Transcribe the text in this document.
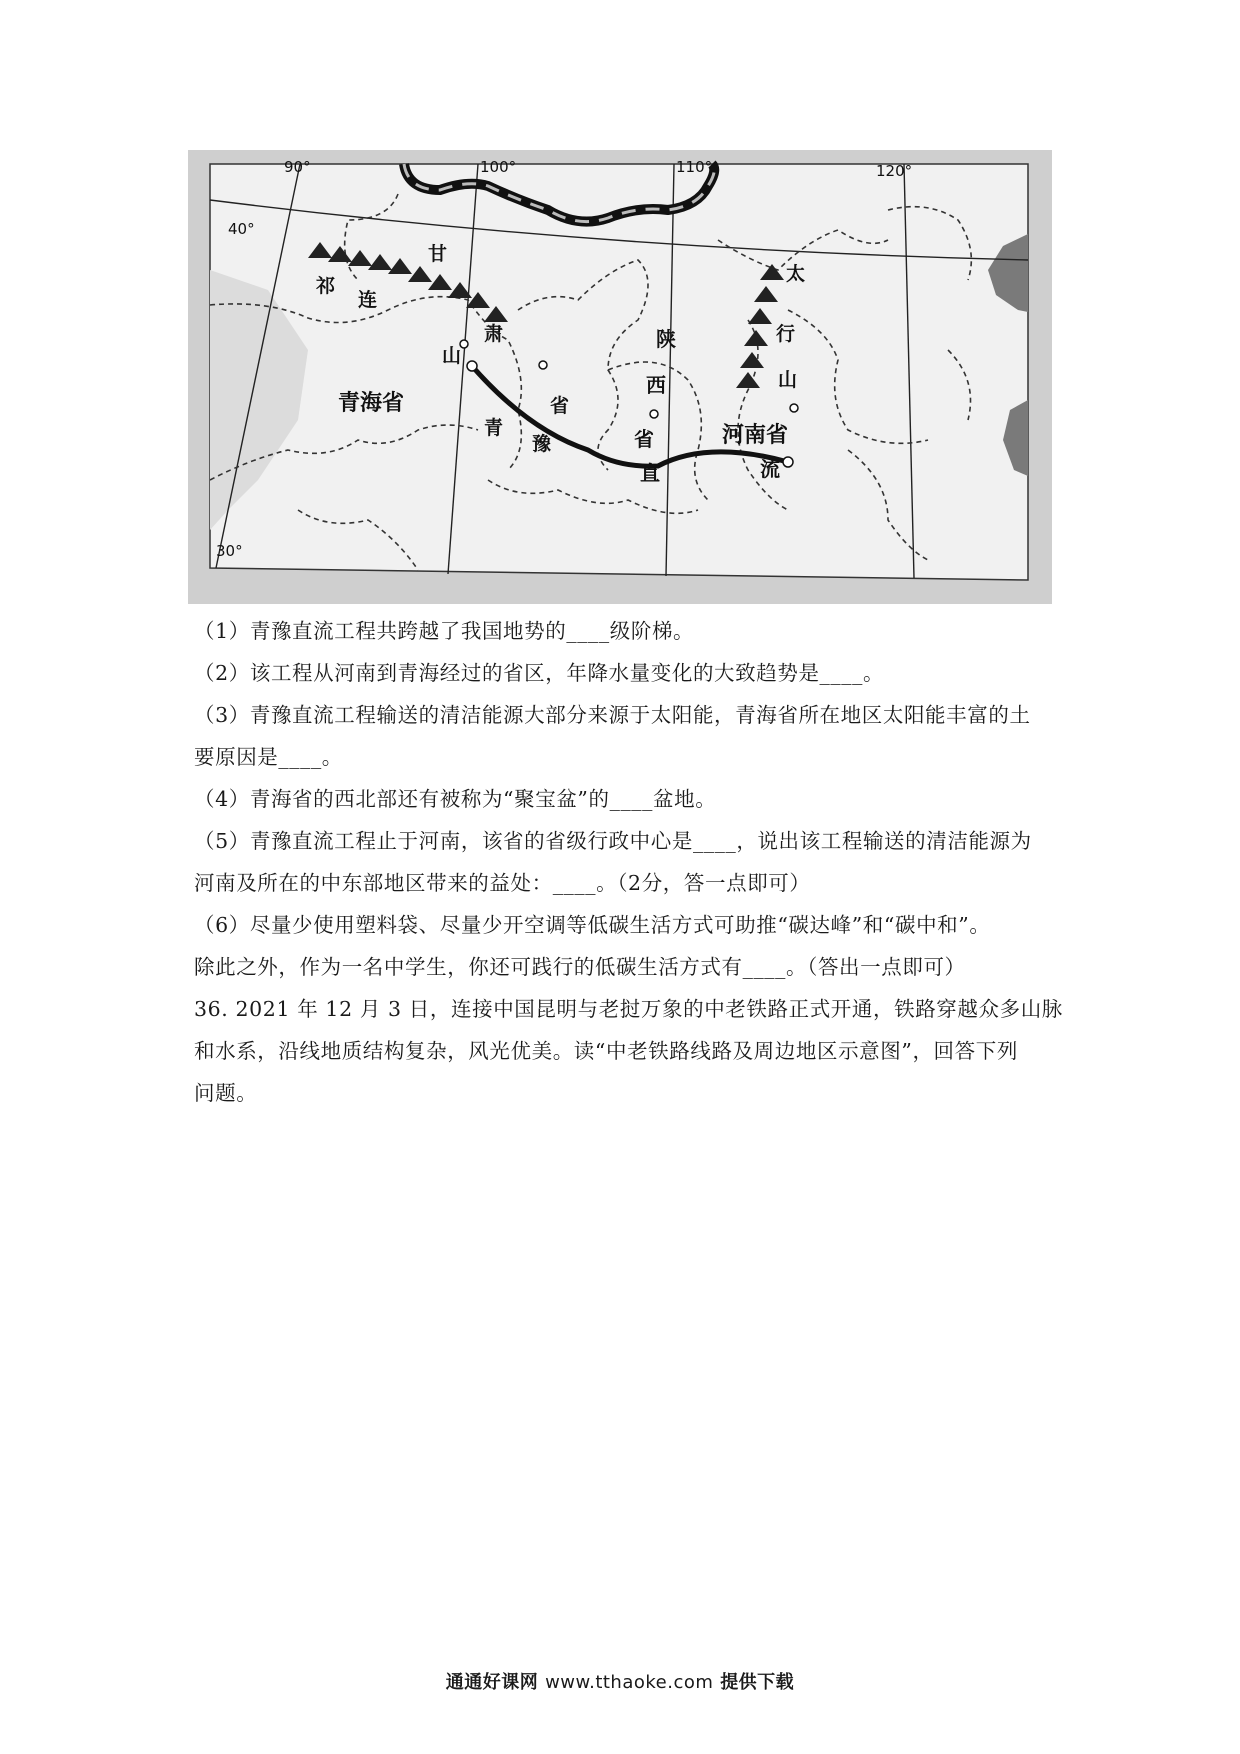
90°	100°	110°	120°
40°
30°
祁
连
山
甘
肃
青海省
青
省
豫
陕
西
省
直	流
太
行
山
河南省
（1）青豫直流工程共跨越了我国地势的____级阶梯。
（2）该工程从河南到青海经过的省区，年降水量变化的大致趋势是____。
（3）青豫直流工程输送的清洁能源大部分来源于太阳能，青海省所在地区太阳能丰富的土
要原因是____。
（4）青海省的西北部还有被称为“聚宝盆”的____盆地。
（5）青豫直流工程止于河南，该省的省级行政中心是____，说出该工程输送的清洁能源为
河南及所在的中东部地区带来的益处：____。（2分，答一点即可）
（6）尽量少使用塑料袋、尽量少开空调等低碳生活方式可助推“碳达峰”和“碳中和”。
除此之外，作为一名中学生，你还可践行的低碳生活方式有____。（答出一点即可）
36. 2021 年 12 月 3 日，连接中国昆明与老挝万象的中老铁路正式开通，铁路穿越众多山脉
和水系，沿线地质结构复杂，风光优美。读“中老铁路线路及周边地区示意图”，回答下列
问题。
通通好课网 www.tthaoke.com 提供下载
